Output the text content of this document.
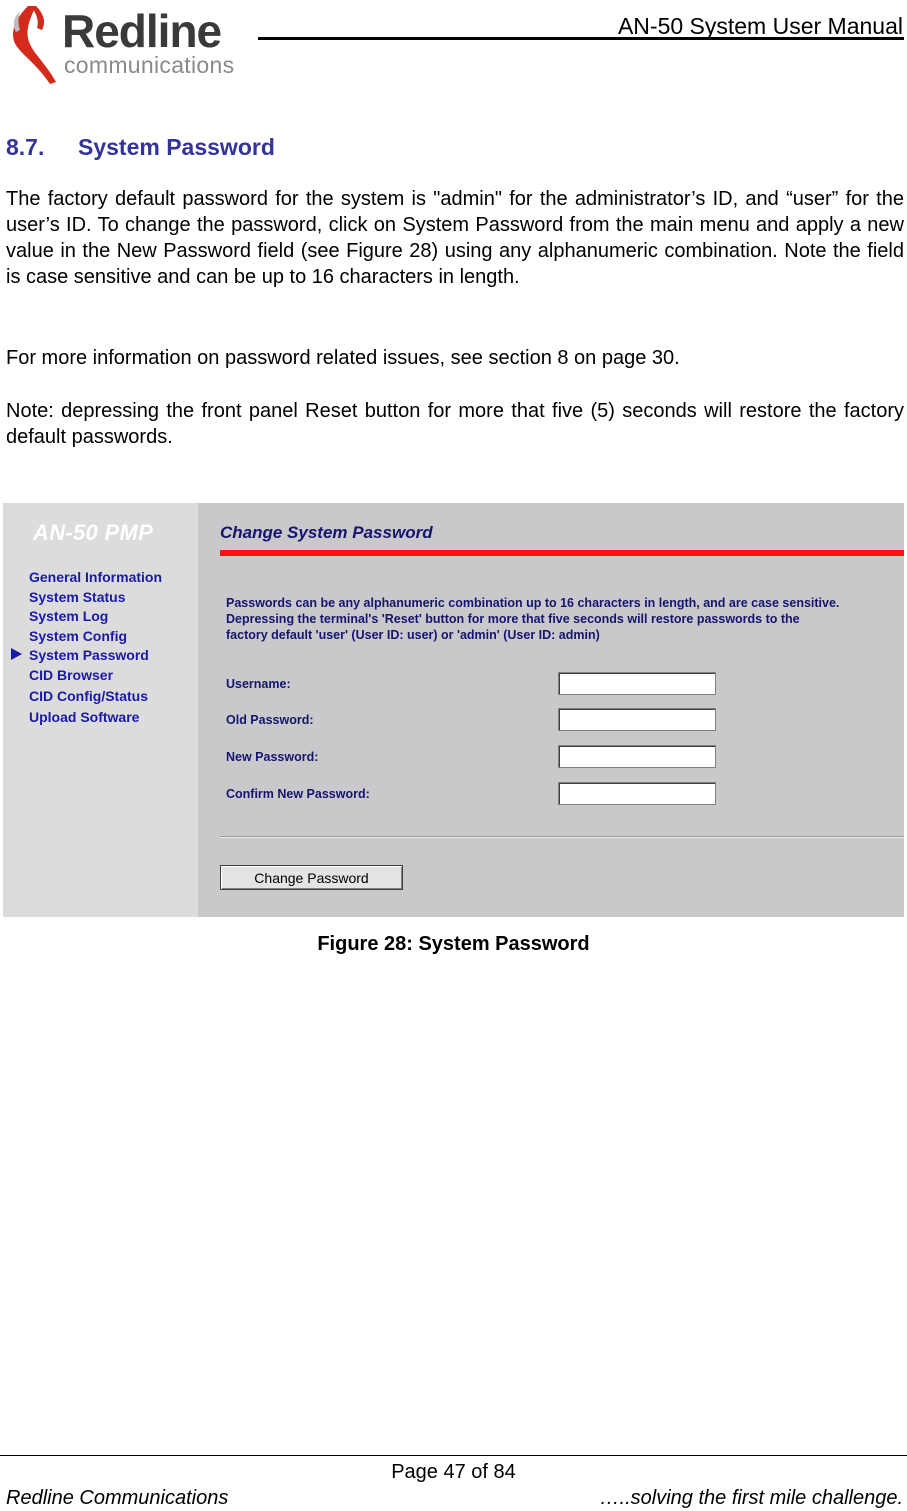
Redline
communications
AN-50 System User Manual
8.7. System Password
The factory default password for the system is "admin" for the administrator’s ID, and “user” for the user’s ID. To change the password, click on System Password from the main menu and apply a new value in the New Password field (see Figure 28) using any alphanumeric combination. Note the field is case sensitive and can be up to 16 characters in length.
For more information on password related issues, see section 8 on page 30.
Note: depressing the front panel Reset button for more that five (5) seconds will restore the factory default passwords.
AN-50 PMP
General Information
System Status
System Log
System Config
System Password
CID Browser
CID Config/Status
Upload Software
Change System Password
Passwords can be any alphanumeric combination up to 16 characters in length, and are case sensitive.
Depressing the terminal's 'Reset' button for more that five seconds will restore passwords to the
factory default 'user' (User ID: user) or 'admin' (User ID: admin)
Username:
Old Password:
New Password:
Confirm New Password:
Change Password
Figure 28: System Password
Page 47 of 84
Redline Communications	…..solving the first mile challenge.
